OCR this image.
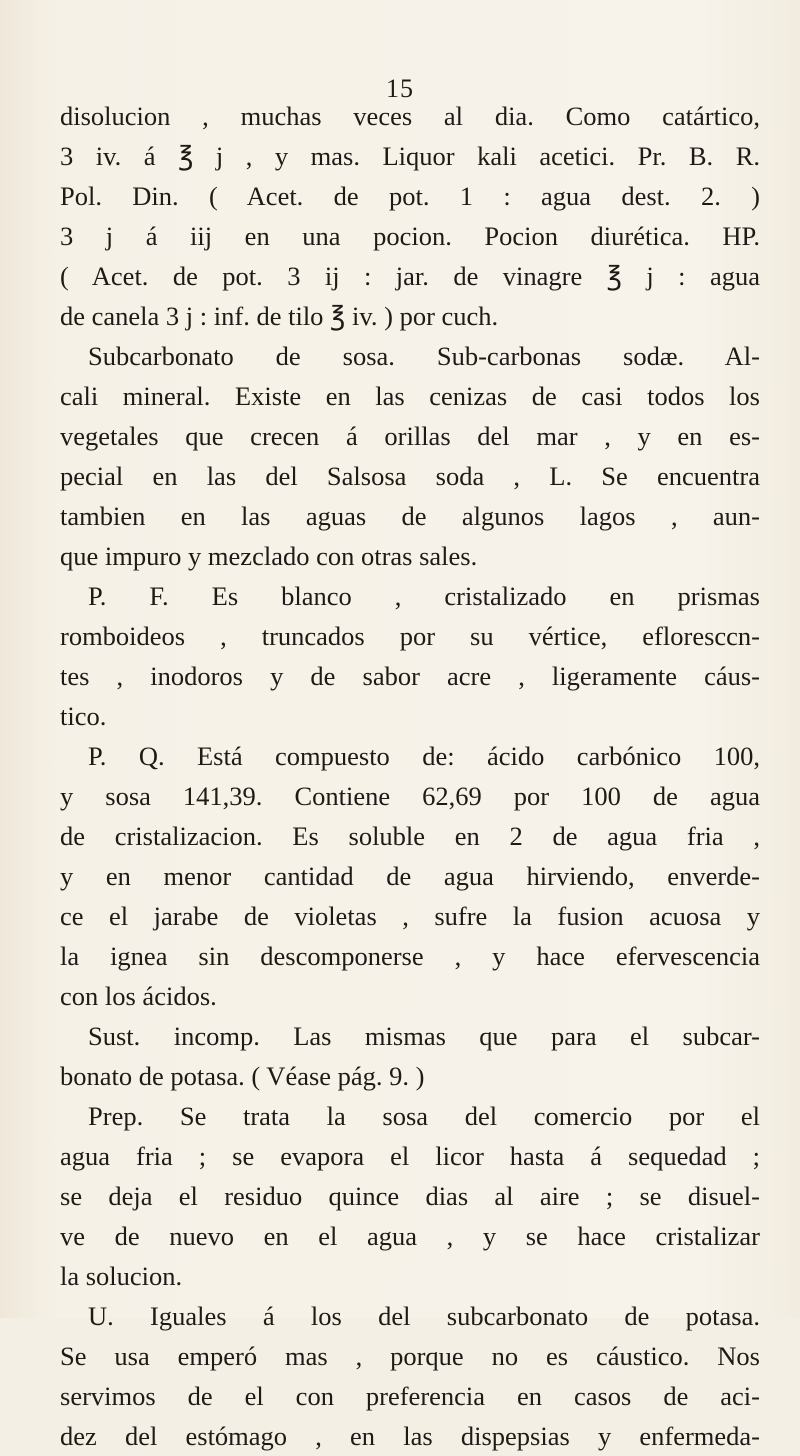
15
disolucion , muchas veces al dia. Como catártico,
3 iv. á ℥ j , y mas. Liquor kali acetici. Pr. B. R.
Pol. Din. ( Acet. de pot. 1 : agua dest. 2. )
3 j á iij en una pocion. Pocion diurética. HP.
( Acet. de pot. 3 ij : jar. de vinagre ℥ j : agua
de canela 3 j : inf. de tilo ℥ iv. ) por cuch.
Subcarbonato de sosa. Sub-carbonas sodæ. Al-
cali mineral. Existe en las cenizas de casi todos los
vegetales que crecen á orillas del mar , y en es-
pecial en las del Salsosa soda , L. Se encuentra
tambien en las aguas de algunos lagos , aun-
que impuro y mezclado con otras sales.
P. F. Es blanco , cristalizado en prismas
romboideos , truncados por su vértice, efloresccn-
tes , inodoros y de sabor acre , ligeramente cáus-
tico.
P. Q. Está compuesto de: ácido carbónico 100,
y sosa 141,39. Contiene 62,69 por 100 de agua
de cristalizacion. Es soluble en 2 de agua fria ,
y en menor cantidad de agua hirviendo, enverde-
ce el jarabe de violetas , sufre la fusion acuosa y
la ignea sin descomponerse , y hace efervescencia
con los ácidos.
Sust. incomp. Las mismas que para el subcar-
bonato de potasa. ( Véase pág. 9. )
Prep. Se trata la sosa del comercio por el
agua fria ; se evapora el licor hasta á sequedad ;
se deja el residuo quince dias al aire ; se disuel-
ve de nuevo en el agua , y se hace cristalizar
la solucion.
U. Iguales á los del subcarbonato de potasa.
Se usa emperó mas , porque no es cáustico. Nos
servimos de el con preferencia en casos de aci-
dez del estómago , en las dispepsias y enfermeda-
